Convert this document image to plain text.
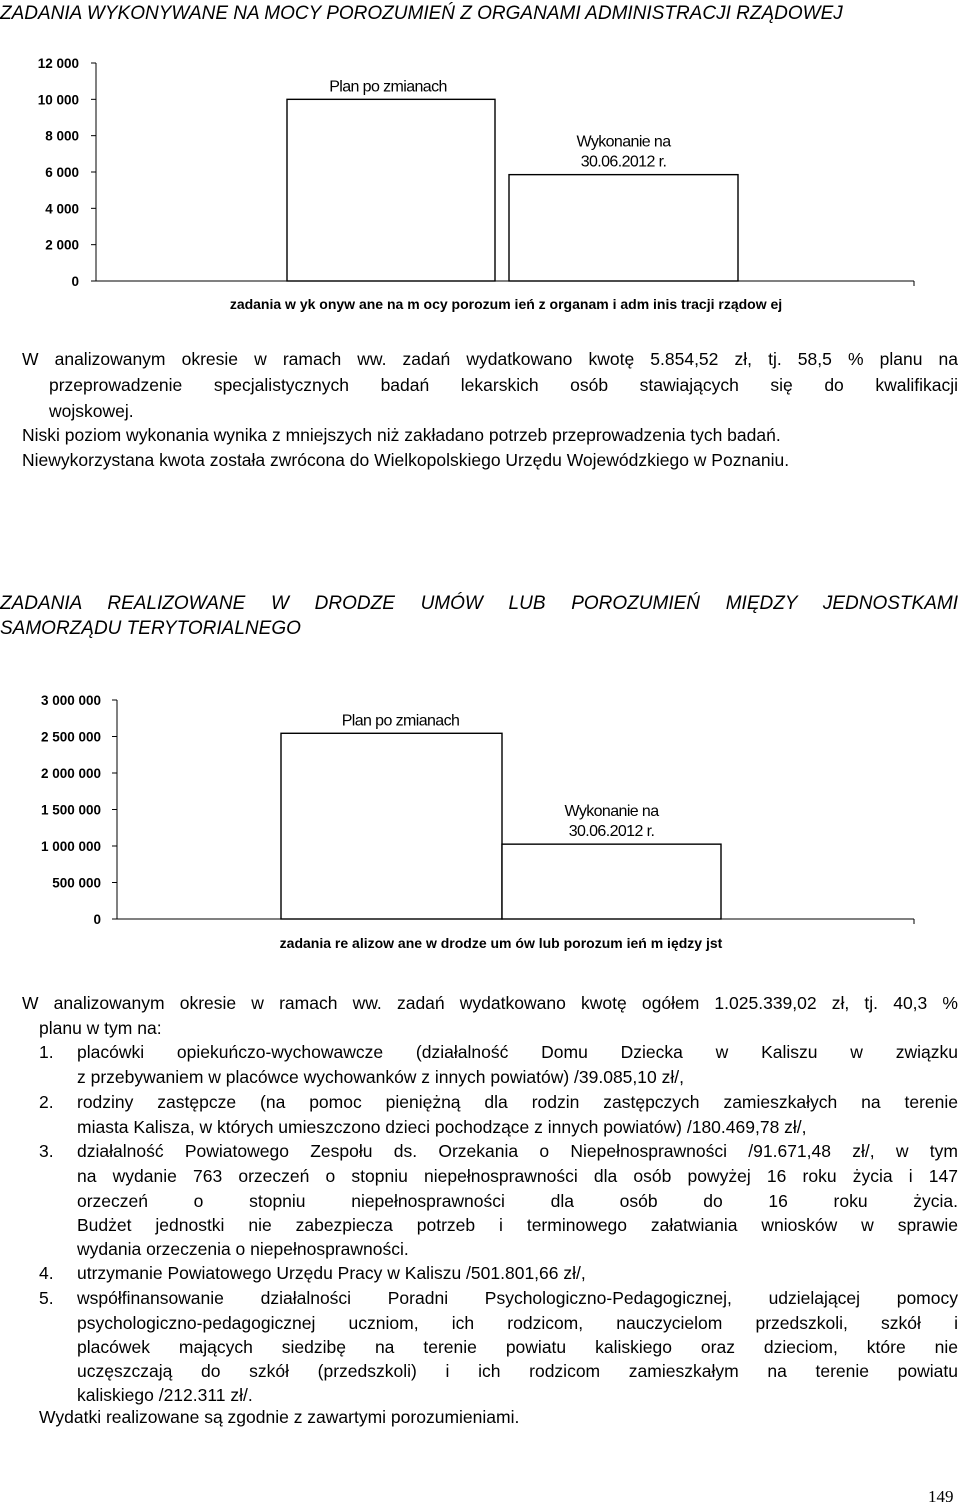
ZADANIA WYKONYWANE NA MOCY POROZUMIEŃ Z ORGANAMI ADMINISTRACJI RZĄDOWEJ
0
2 000
4 000
6 000
8 000
10 000
12 000
Plan po zmianach
Wykonanie na
30.06.2012 r.
zadania w yk onyw ane na m ocy porozum ień z organam i adm inis tracji rządow ej
W analizowanym okresie w ramach ww. zadań wydatkowano kwotę 5.854,52 zł, tj. 58,5 % planu na
przeprowadzenie specjalistycznych badań lekarskich osób stawiających się do kwalifikacji
wojskowej.
Niski poziom wykonania wynika z mniejszych niż zakładano potrzeb przeprowadzenia tych badań.
Niewykorzystana kwota została zwrócona do Wielkopolskiego Urzędu Wojewódzkiego w Poznaniu.
ZADANIA REALIZOWANE W DRODZE UMÓW LUB POROZUMIEŃ MIĘDZY JEDNOSTKAMI
SAMORZĄDU TERYTORIALNEGO
0
500 000
1 000 000
1 500 000
2 000 000
2 500 000
3 000 000
Plan po zmianach
Wykonanie na
30.06.2012 r.
zadania re alizow ane w drodze um ów lub porozum ień m iędzy jst
W analizowanym okresie w ramach ww. zadań wydatkowano kwotę ogółem 1.025.339,02 zł, tj. 40,3 %
planu w tym na:
1. placówki opiekuńczo-wychowawcze (działalność Domu Dziecka w Kaliszu w związku
z przebywaniem w placówce wychowanków z innych powiatów) /39.085,10 zł/,
2. rodziny zastępcze (na pomoc pieniężną dla rodzin zastępczych zamieszkałych na terenie
miasta Kalisza, w których umieszczono dzieci pochodzące z innych powiatów) /180.469,78 zł/,
3. działalność Powiatowego Zespołu ds. Orzekania o Niepełnosprawności /91.671,48 zł/, w tym
na wydanie 763 orzeczeń o stopniu niepełnosprawności dla osób powyżej 16 roku życia i 147
orzeczeń o stopniu niepełnosprawności dla osób do 16 roku życia.
Budżet jednostki nie zabezpiecza potrzeb i terminowego załatwiania wniosków w sprawie
wydania orzeczenia o niepełnosprawności.
4. utrzymanie Powiatowego Urzędu Pracy w Kaliszu /501.801,66 zł/,
5. współfinansowanie działalności Poradni Psychologiczno-Pedagogicznej, udzielającej pomocy
psychologiczno-pedagogicznej uczniom, ich rodzicom, nauczycielom przedszkoli, szkół i
placówek mających siedzibę na terenie powiatu kaliskiego oraz dzieciom, które nie
uczęszczają do szkół (przedszkoli) i ich rodzicom zamieszkałym na terenie powiatu
kaliskiego /212.311 zł/.
Wydatki realizowane są zgodnie z zawartymi porozumieniami.
149
